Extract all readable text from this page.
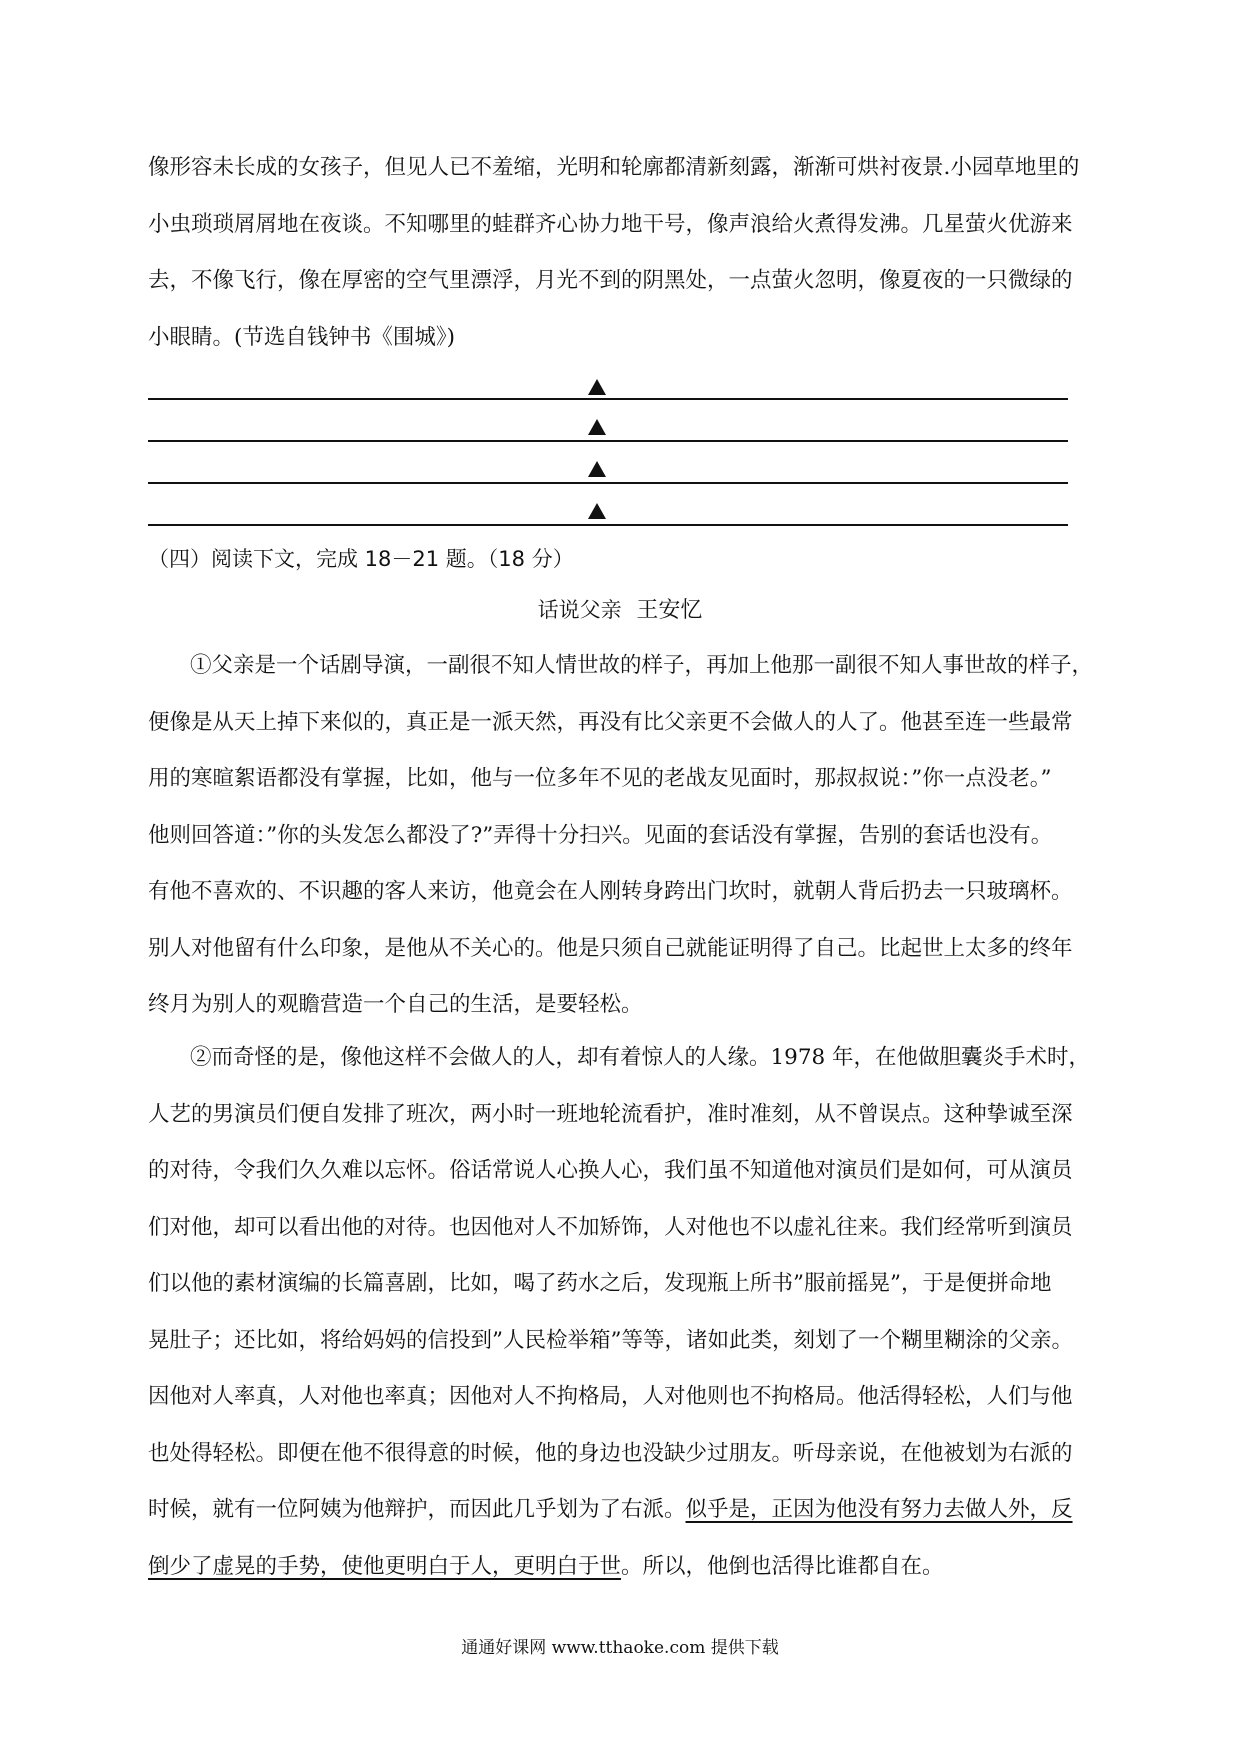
像形容未长成的女孩子，但见人已不羞缩，光明和轮廓都清新刻露，渐渐可烘衬夜景.小园草地里的
小虫琐琐屑屑地在夜谈。不知哪里的蛙群齐心协力地干号，像声浪给火煮得发沸。几星萤火优游来
去，不像飞行，像在厚密的空气里漂浮，月光不到的阴黑处，一点萤火忽明，像夏夜的一只微绿的
小眼睛。(节选自钱钟书《围城》)
（四）阅读下文，完成 18－21 题。（18 分）
话说父亲 王安忆
①父亲是一个话剧导演，一副很不知人情世故的样子，再加上他那一副很不知人事世故的样子，
便像是从天上掉下来似的，真正是一派天然，再没有比父亲更不会做人的人了。他甚至连一些最常
用的寒暄絮语都没有掌握，比如，他与一位多年不见的老战友见面时，那叔叔说：”你一点没老。”
他则回答道：”你的头发怎么都没了?”弄得十分扫兴。见面的套话没有掌握，告别的套话也没有。
有他不喜欢的、不识趣的客人来访，他竟会在人刚转身跨出门坎时，就朝人背后扔去一只玻璃杯。
别人对他留有什么印象，是他从不关心的。他是只须自己就能证明得了自己。比起世上太多的终年
终月为别人的观瞻营造一个自己的生活，是要轻松。
②而奇怪的是，像他这样不会做人的人，却有着惊人的人缘。1978 年，在他做胆囊炎手术时，
人艺的男演员们便自发排了班次，两小时一班地轮流看护，准时准刻，从不曾误点。这种挚诚至深
的对待，令我们久久难以忘怀。俗话常说人心换人心，我们虽不知道他对演员们是如何，可从演员
们对他，却可以看出他的对待。也因他对人不加矫饰，人对他也不以虚礼往来。我们经常听到演员
们以他的素材演编的长篇喜剧，比如，喝了药水之后，发现瓶上所书”服前摇晃”，于是便拼命地
晃肚子；还比如，将给妈妈的信投到”人民检举箱”等等，诸如此类，刻划了一个糊里糊涂的父亲。
因他对人率真，人对他也率真；因他对人不拘格局，人对他则也不拘格局。他活得轻松，人们与他
也处得轻松。即便在他不很得意的时候，他的身边也没缺少过朋友。听母亲说，在他被划为右派的
时候，就有一位阿姨为他辩护，而因此几乎划为了右派。似乎是，正因为他没有努力去做人外，反
倒少了虚晃的手势，使他更明白于人，更明白于世。所以，他倒也活得比谁都自在。
通通好课网 www.tthaoke.com 提供下载
